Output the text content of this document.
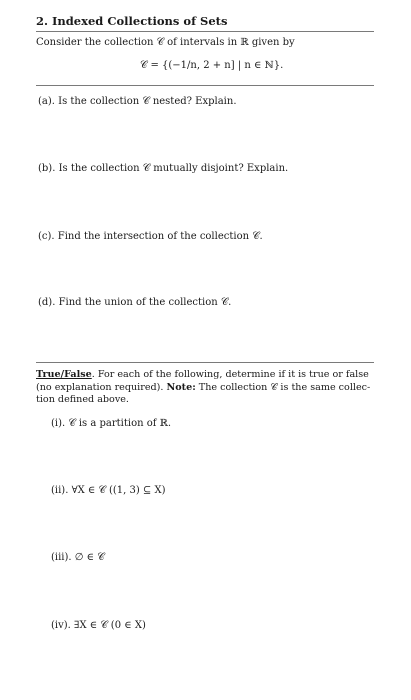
2. Indexed Collections of Sets
Consider the collection 𝒞 of intervals in ℝ given by
𝒞 = {(−1/n, 2 + n] | n ∈ ℕ}.
(a). Is the collection 𝒞 nested? Explain.
(b). Is the collection 𝒞 mutually disjoint? Explain.
(c). Find the intersection of the collection 𝒞.
(d). Find the union of the collection 𝒞.
True/False. For each of the following, determine if it is true or false
(no explanation required). Note: The collection 𝒞 is the same collec-
tion defined above.
(i). 𝒞 is a partition of ℝ.
(ii). ∀X ∈ 𝒞 ((1, 3) ⊆ X)
(iii). ∅ ∈ 𝒞
(iv). ∃X ∈ 𝒞 (0 ∈ X)
